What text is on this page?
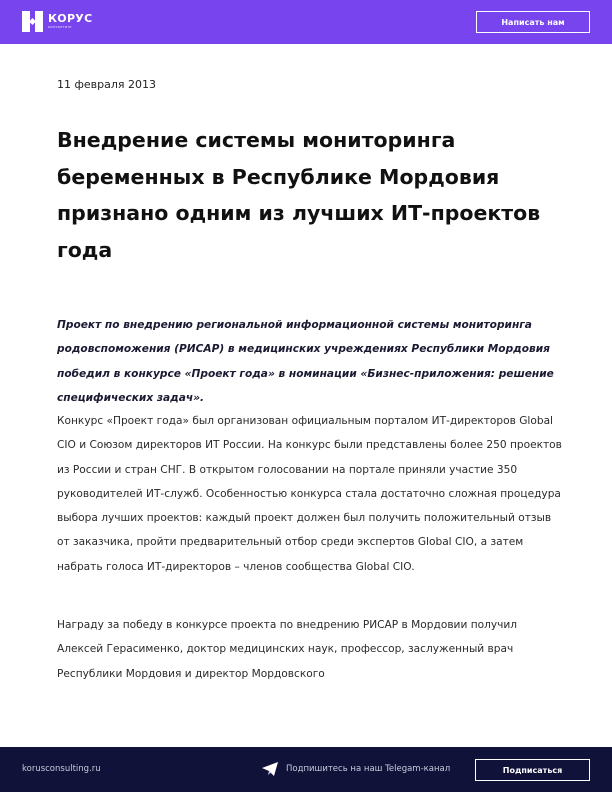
КОРУС
консалтинг
Написать нам
11 февраля 2013
Внедрение системы мониторинга беременных в Республике Мордовия признано одним из лучших ИТ-проектов года

Проект по внедрению региональной информационной системы мониторинга родовспоможения (РИСАР) в медицинских учреждениях Республики Мордовия победил в конкурсе «Проект года» в номинации «Бизнес-приложения: решение специфических задач».

Конкурс «Проект года» был организован официальным порталом ИТ-директоров Global CIO и Союзом директоров ИТ России. На конкурс были представлены более 250 проектов из России и стран СНГ. В открытом голосовании на портале приняли участие 350 руководителей ИТ-служб. Особенностью конкурса стала достаточно сложная процедура выбора лучших проектов: каждый проект должен был получить положительный отзыв от заказчика, пройти предварительный отбор среди экспертов Global CIO, а затем набрать голоса ИТ-директоров – членов сообщества Global CIO.

Награду за победу в конкурсе проекта по внедрению РИСАР в Мордовии получил Алексей Герасименко, доктор медицинских наук, профессор, заслуженный врач Республики Мордовия и директор Мордовского

korusconsulting.ru	Подпишитесь на наш Telegam-канал	Подписаться
